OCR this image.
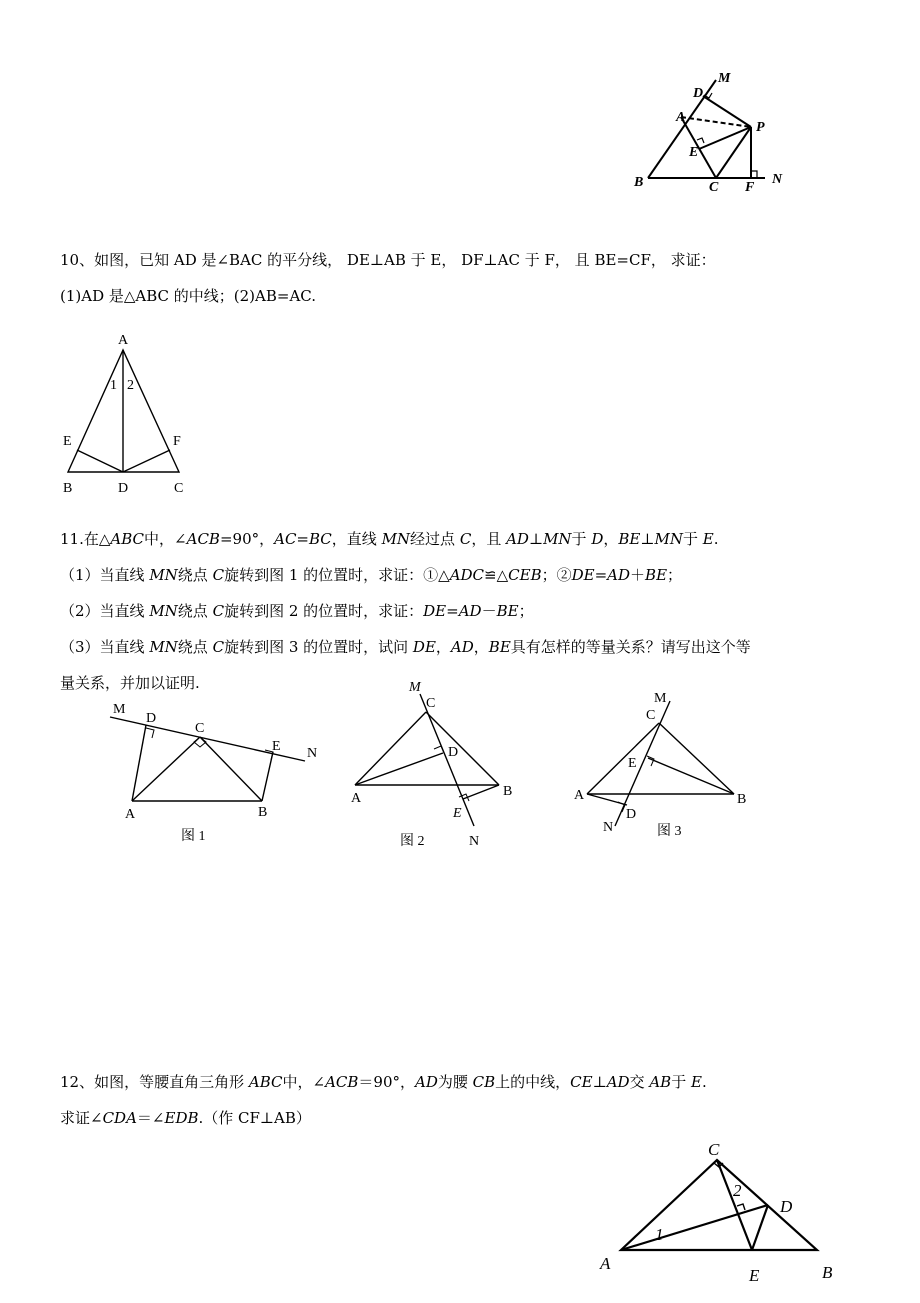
M
D
A
P
E
B	C F
N
10、如图，已知 AD 是∠BAC 的平分线， DE⊥AB 于 E， DF⊥AC 于 F， 且 BE=CF， 求证：
(1)AD 是△ABC 的中线；(2)AB=AC.
A
1 2
E	F
B	D	C
11.在△ABC中，∠ACB=90°，AC=BC，直线 MN经过点 C，且 AD⊥MN于 D，BE⊥MN于 E.
（1）当直线 MN绕点 C旋转到图 1 的位置时，求证：①△ADC≌△CEB；②DE=AD＋BE；
（2）当直线 MN绕点 C旋转到图 2 的位置时，求证：DE=AD－BE；
（3）当直线 MN绕点 C旋转到图 3 的位置时，试问 DE，AD，BE具有怎样的等量关系？请写出这个等
量关系，并加以证明.
M
D
C
E N
A	B
图 1
M
C
D
A	B
E
N
图 2
M
C
E
A	B
N
D
图 3
12、如图，等腰直角三角形 ABC中，∠ACB＝90°，AD为腰 CB上的中线，CE⊥AD交 AB于 E.
求证∠CDA＝∠EDB.（作 CF⊥AB）
C
2
D
1
A
E	B
